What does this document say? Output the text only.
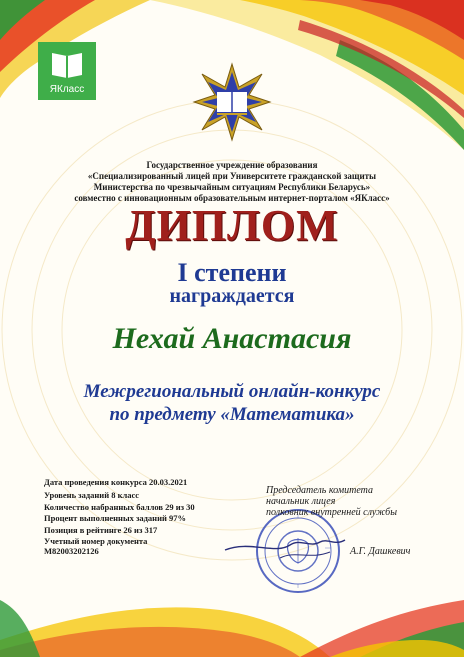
ЯКласс
Государственное учреждение образования
«Специализированный лицей при Университете гражданской защиты
Министерства по чрезвычайным ситуациям Республики Беларусь»
совместно с инновационным образовательным интернет-порталом «ЯКласс»
ДИПЛОМ
I степени
награждается
Нехай Анастасия
Межрегиональный онлайн-конкурс
по предмету «Математика»
Дата проведения конкурса 20.03.2021
Уровень заданий 8 класс
Количество набранных баллов 29 из 30
Процент выполненных заданий 97%
Позиция в рейтинге 26 из 317
Учетный номер документа
M82003202126
Председатель комитета
начальник лицея
полковник внутренней службы
А.Г. Дашкевич
